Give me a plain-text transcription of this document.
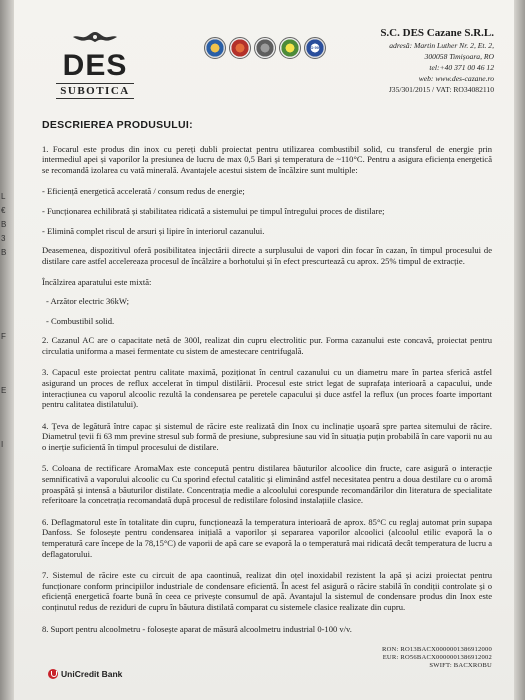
L
€
B
3
B
F
E
I
DES
SUBOTICA
ISO 9001
S.C. DES Cazane S.R.L.
adresă: Martin Luther Nr. 2, Et. 2,
300058 Timișoara, RO
tel:+40 371 00 46 12
web: www.des-cazane.ro
J35/301/2015 / VAT: RO34082110
DESCRIEREA PRODUSULUI:
1. Focarul este produs din inox cu pereți dubli proiectat pentru utilizarea combustibil solid, cu transferul de energie prin intermediul apei și vaporilor la presiunea de lucru de max 0,5 Bari și temperatura de ~110°C. Pentru a asigura eficiența energetică se recomandă izolarea cu vată minerală. Avantajele acestui sistem de încălzire sunt multiple:
- Eficiență energetică accelerată / consum redus de energie;
- Funcționarea echilibrată și stabilitatea ridicată a sistemului pe timpul întregului proces de distilare;
- Elimină complet riscul de arsuri și lipire în interiorul cazanului.
Deasemenea, dispozitivul oferă posibilitatea injectării directe a surplusului de vapori din focar în cazan, în timpul procesului de distilare care astfel accelereaza procesul de încălzire a borhotului și în efect prescurtează cu aprox. 25% timpul de extracție.
Încălzirea aparatului este mixtă:
- Arzător electric 36kW;
- Combustibil solid.
2. Cazanul AC are o capacitate netă de 300l, realizat din cupru electrolitic pur. Forma cazanului este concavă, proiectat pentru circulatia uniforma a masei fermentate cu sistem de amestecare centrifugală.
3. Capacul este proiectat pentru calitate maximă, poziționat în centrul cazanului cu un diametru mare în partea sferică astfel asigurand un proces de reflux accelerat în timpul distilării. Procesul este strict legat de suprafața interioară a capacului, unde interacțiunea cu vaporul alcoolic rezultă la condensarea pe peretele capacului și duce astfel la reflux (un proces foarte important pentru calitatea distilatului).
4. Țeva de legătură între capac și sistemul de răcire este realizată din Inox cu inclinație ușoară spre partea sitemului de răcire. Diametrul țevii fi 63 mm previne stresul sub formă de presiune, subpresiune sau vid în situația puțin probabilă în care vaporii nu au o inerție suficientă în timpul procesului de distilare.
5. Coloana de rectificare AromaMax este concepută pentru distilarea băuturilor alcoolice din fructe, care asigură o interacție semnificativă a vaporului alcoolic cu Cu sporind efectul catalitic și eliminând astfel necesitatea pentru a doua destilare cu o aromă proaspătă și intensă a băuturilor distilate. Concentrația medie a alcoolului corespunde recomandărilor din literatura de specialitate referitoare la concetrația recomandată după procesul de redistilare folosind instalațiile clasice.
6. Deflagmatorul este în totalitate din cupru, funcționează la temperatura interioară de aprox. 85°C cu reglaj automat prin supapa Danfoss. Se folosește pentru condensarea inițială a vaporilor și separarea vaporilor alcoolici (alcoolul etilic evaporă la o temperatură care începe de la 78,15°C) de vaporii de apă care se evaporă la o temperatură mai ridicată decât temperatura de lucru a deflagatorului.
7. Sistemul de răcire este cu circuit de apa caontinuă, realizat din oțel inoxidabil rezistent la apă și acizi proiectat pentru funcționare conform principiilor industriale de condensare eficientă. În acest fel asigură o răcire stabilă în condiții controlate și o eficiență energetică foarte bună în ceea ce privește consumul de apă. Avantajul la sistemul de condensare produs din Inox este conținutul redus de reziduri de cupru în băutura distilată comparat cu sistemele clasice realizate din cupru.
8. Suport pentru alcoolmetru - folosește aparat de măsură alcoolmetru industrial 0-100 v/v.
RON: RO13BACX0000001386912000
EUR: RO56BACX0000001386912002
SWIFT: BACXROBU
UniCredit Bank
